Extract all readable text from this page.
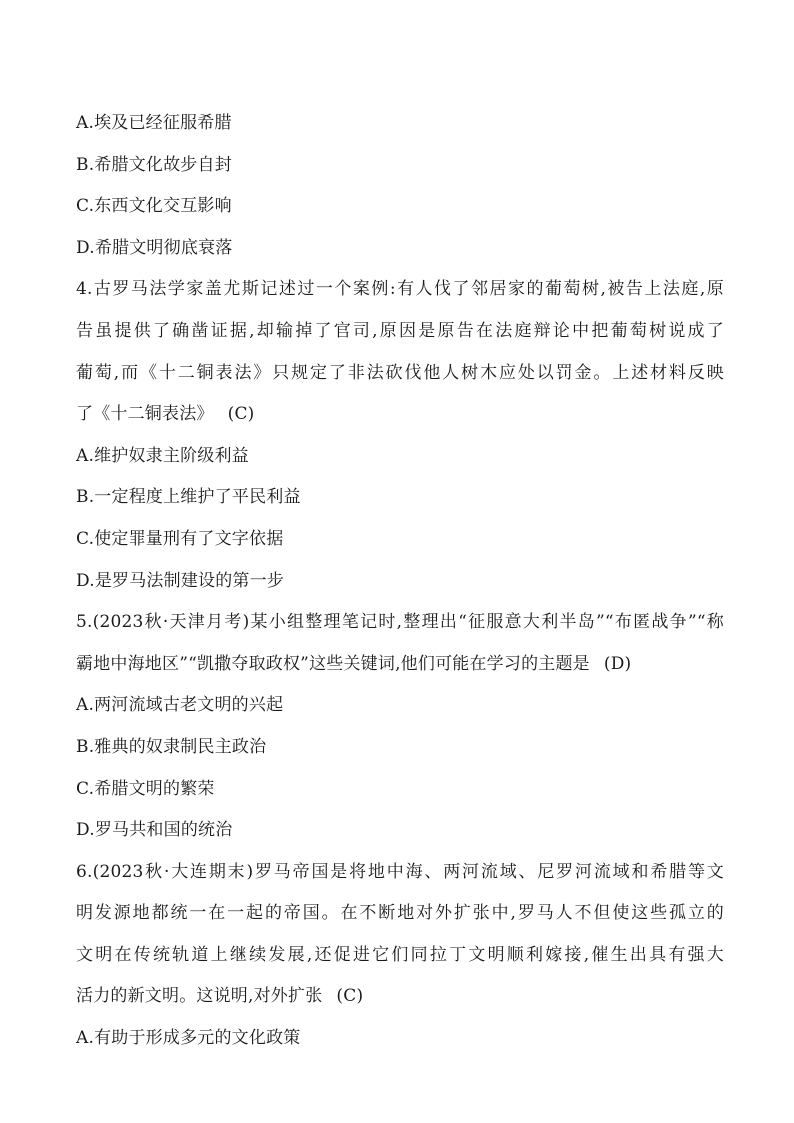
A.埃及已经征服希腊
B.希腊文化故步自封
C.东西文化交互影响
D.希腊文明彻底衰落
4.古罗马法学家盖尤斯记述过一个案例:有人伐了邻居家的葡萄树,被告上法庭,原
告虽提供了确凿证据,却输掉了官司,原因是原告在法庭辩论中把葡萄树说成了
葡萄,而《十二铜表法》只规定了非法砍伐他人树木应处以罚金。上述材料反映
了《十二铜表法》 (C)
A.维护奴隶主阶级利益
B.一定程度上维护了平民利益
C.使定罪量刑有了文字依据
D.是罗马法制建设的第一步
5.(2023秋·天津月考)某小组整理笔记时,整理出“征服意大利半岛”“布匿战争”“称
霸地中海地区”“凯撒夺取政权”这些关键词,他们可能在学习的主题是 (D)
A.两河流域古老文明的兴起
B.雅典的奴隶制民主政治
C.希腊文明的繁荣
D.罗马共和国的统治
6.(2023秋·大连期末)罗马帝国是将地中海、两河流域、尼罗河流域和希腊等文
明发源地都统一在一起的帝国。在不断地对外扩张中,罗马人不但使这些孤立的
文明在传统轨道上继续发展,还促进它们同拉丁文明顺利嫁接,催生出具有强大
活力的新文明。这说明,对外扩张 (C)
A.有助于形成多元的文化政策
